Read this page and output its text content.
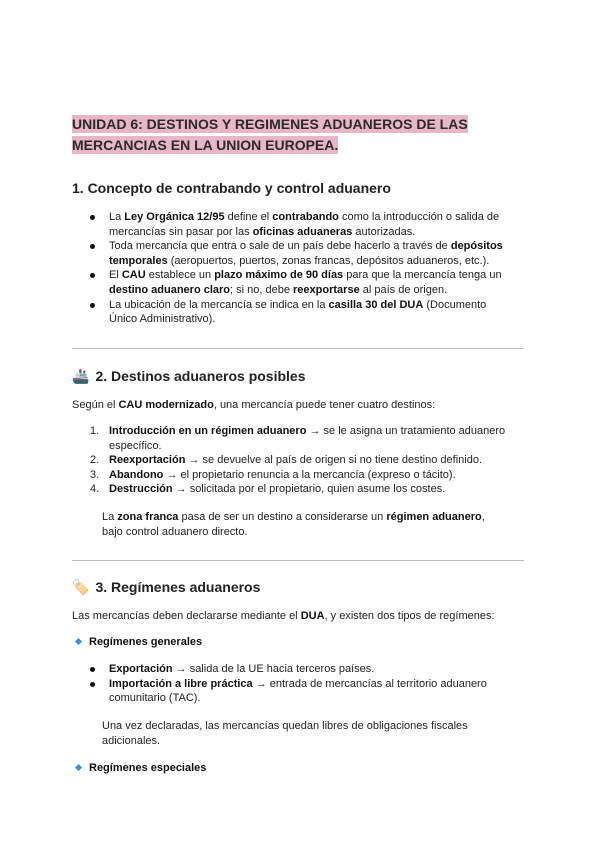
UNIDAD 6: DESTINOS Y REGIMENES ADUANEROS DE LAS
MERCANCIAS EN LA UNION EUROPEA.
1. Concepto de contrabando y control aduanero
La Ley Orgánica 12/95 define el contrabando como la introducción o salida de mercancías sin pasar por las oficinas aduaneras autorizadas.
Toda mercancía que entra o sale de un país debe hacerlo a través de depósitos temporales (aeropuertos, puertos, zonas francas, depósitos aduaneros, etc.).
El CAU establece un plazo máximo de 90 días para que la mercancía tenga un destino aduanero claro; si no, debe reexportarse al país de origen.
La ubicación de la mercancía se indica en la casilla 30 del DUA (Documento Único Administrativo).
🚢 2. Destinos aduaneros posibles
Según el CAU modernizado, una mercancía puede tener cuatro destinos:
1. Introducción en un régimen aduanero → se le asigna un tratamiento aduanero específico.
2. Reexportación → se devuelve al país de origen si no tiene destino definido.
3. Abandono → el propietario renuncia a la mercancía (expreso o tácito).
4. Destrucción → solicitada por el propietario, quien asume los costes.
La zona franca pasa de ser un destino a considerarse un régimen aduanero, bajo control aduanero directo.
🏷️ 3. Regímenes aduaneros
Las mercancías deben declararse mediante el DUA, y existen dos tipos de regímenes:
Regímenes generales
Exportación → salida de la UE hacia terceros países.
Importación a libre práctica → entrada de mercancías al territorio aduanero comunitario (TAC).
Una vez declaradas, las mercancías quedan libres de obligaciones fiscales adicionales.
Regímenes especiales
